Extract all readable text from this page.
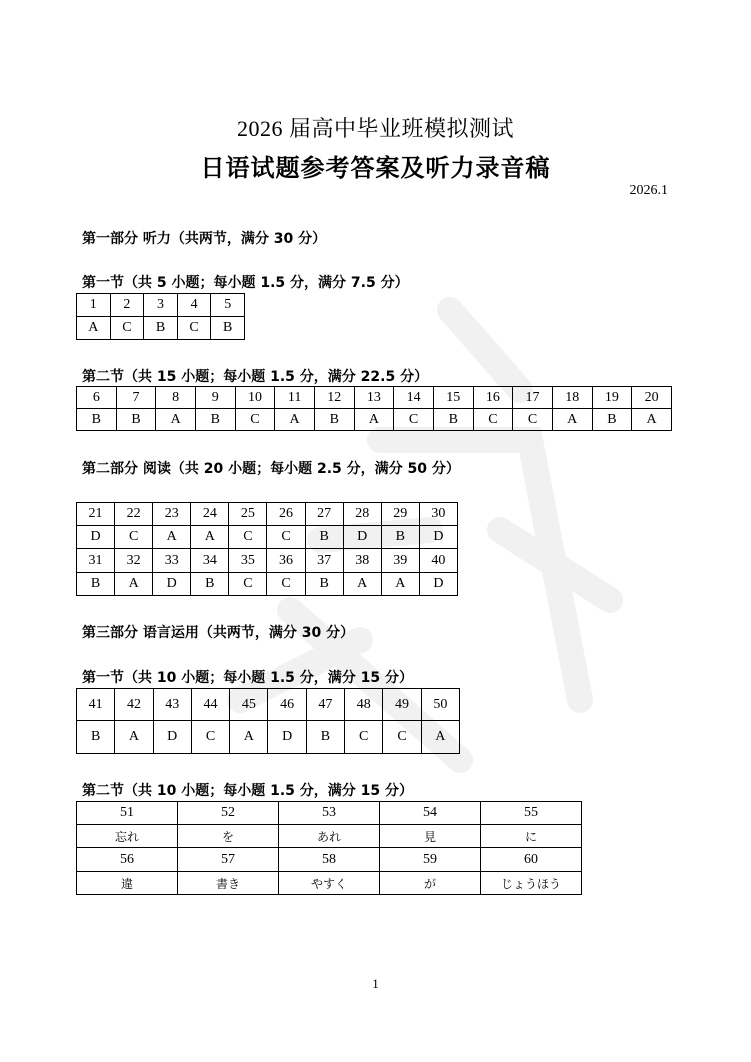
2026 届高中毕业班模拟测试
日语试题参考答案及听力录音稿
2026.1
第一部分 听力（共两节，满分 30 分）
第一节（共 5 小题；每小题 1.5 分，满分 7.5 分）
1	2	3	4	5
A	C	B	C	B
第二节（共 15 小题；每小题 1.5 分，满分 22.5 分）
6	7	8	9	10	11	12	13	14	15	16	17	18	19	20
B	B	A	B	C	A	B	A	C	B	C	C	A	B	A
第二部分 阅读（共 20 小题；每小题 2.5 分，满分 50 分）
21	22	23	24	25	26	27	28	29	30
D	C	A	A	C	C	B	D	B	D
31	32	33	34	35	36	37	38	39	40
B	A	D	B	C	C	B	A	A	D
第三部分 语言运用（共两节，满分 30 分）
第一节（共 10 小题；每小题 1.5 分，满分 15 分）
41	42	43	44	45	46	47	48	49	50
B	A	D	C	A	D	B	C	C	A
第二节（共 10 小题；每小题 1.5 分，满分 15 分）
51	52	53	54	55
忘れ	を	あれ	見	に
56	57	58	59	60
違	書き	やすく	が	じょうほう
1
